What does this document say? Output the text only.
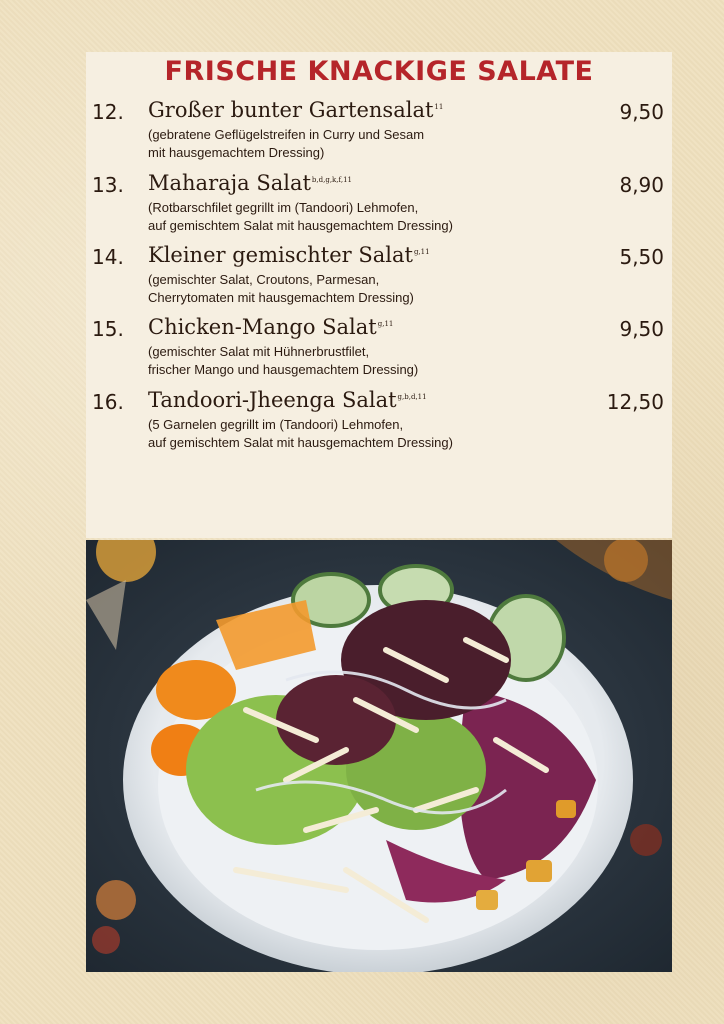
FRISCHE KNACKIGE SALATE
12. Großer bunter Gartensalat$^{11}$	9,50
(gebratene Geflügelstreifen in Curry und Sesam
mit hausgemachtem Dressing)
13. Maharaja Salat$^{b,d,g,k,f,11}$	8,90
(Rotbarschfilet gegrillt im (Tandoori) Lehmofen,
auf gemischtem Salat mit hausgemachtem Dressing)
14. Kleiner gemischter Salat$^{g,11}$	5,50
(gemischter Salat, Croutons, Parmesan,
Cherrytomaten mit hausgemachtem Dressing)
15. Chicken-Mango Salat$^{g,11}$	9,50
(gemischter Salat mit Hühnerbrustfilet,
frischer Mango und hausgemachtem Dressing)
16. Tandoori-Jheenga Salat$^{g,b,d,11}$	12,50
(5 Garnelen gegrillt im (Tandoori) Lehmofen,
auf gemischtem Salat mit hausgemachtem Dressing)
